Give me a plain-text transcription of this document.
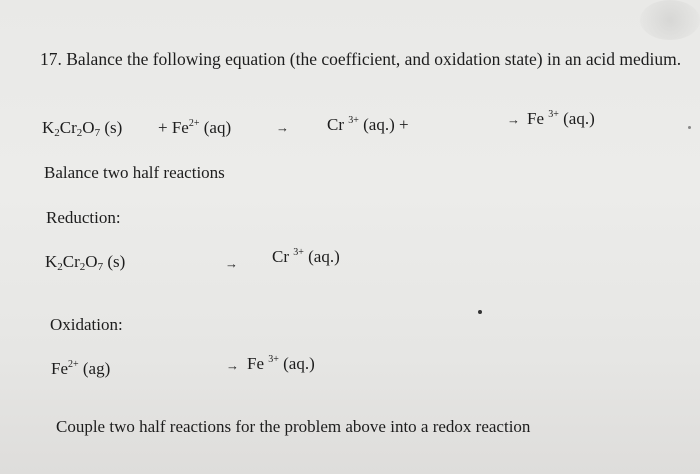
17. Balance the following equation (the coefficient, and oxidation state) in an acid medium.
$K_2Cr_2O_7$ $(s) + Fe^{2+}$ (aq)	→ Cr $^{3+}$ (aq.) +	→ Fe $^{3+}$ (aq.)
Balance two half reactions
Reduction:
$K_2Cr_2O_7$ (s)	→ Cr $^{3+}$ (aq.)
Oxidation:
$Fe^{2+}$ (ag)	→ Fe $^{3+}$ (aq.)
Couple two half reactions for the problem above into a redox reaction
